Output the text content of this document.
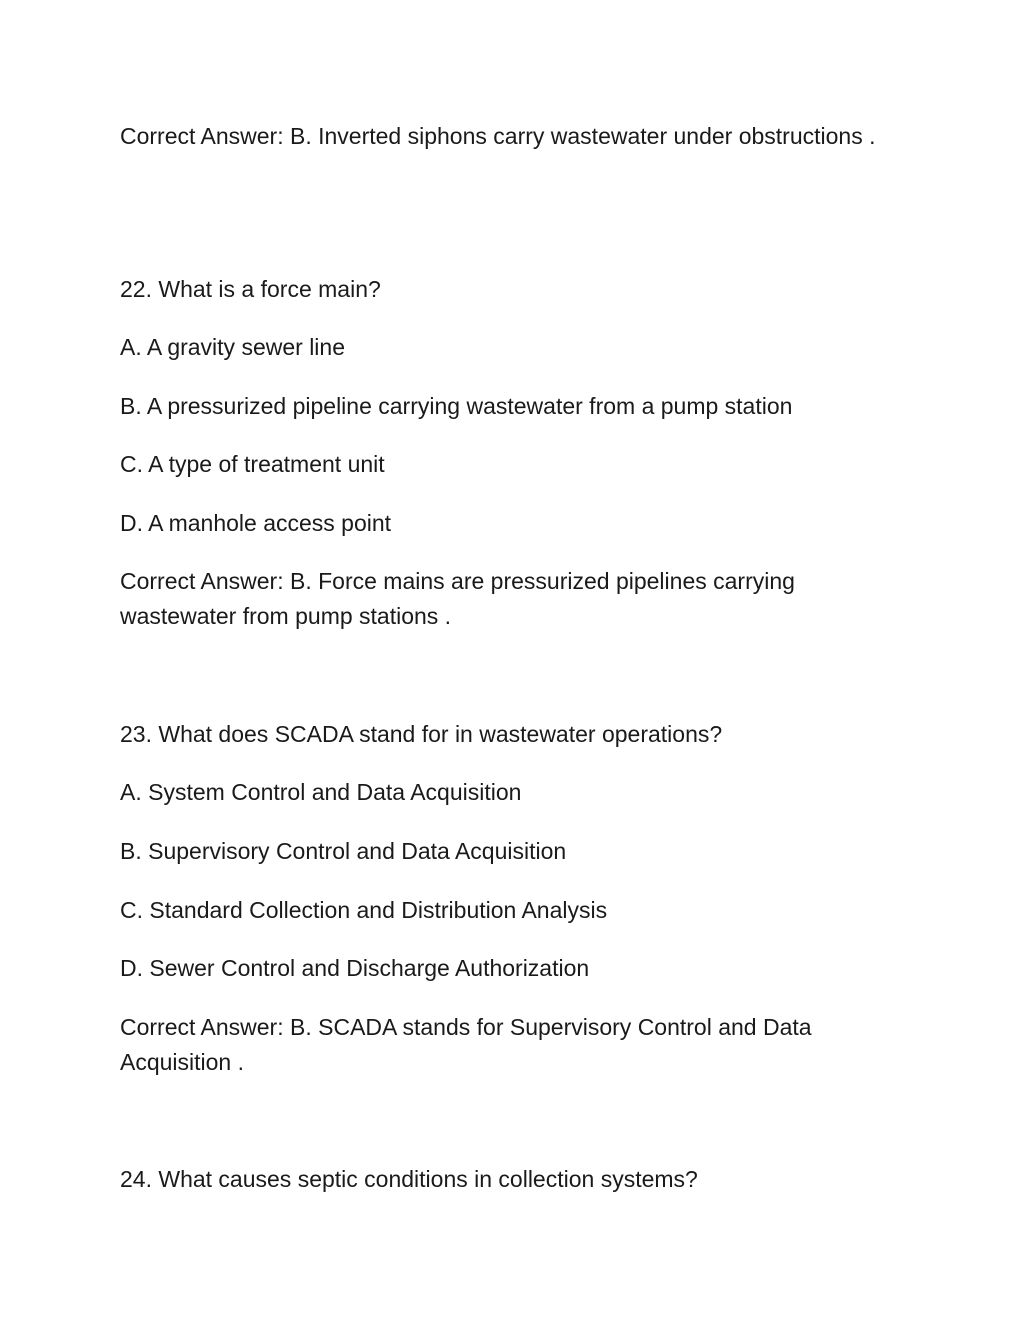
Correct Answer: B. Inverted siphons carry wastewater under obstructions .

22. What is a force main?

A. A gravity sewer line

B. A pressurized pipeline carrying wastewater from a pump station

C. A type of treatment unit

D. A manhole access point

Correct Answer: B. Force mains are pressurized pipelines carrying wastewater from pump stations .

23. What does SCADA stand for in wastewater operations?

A. System Control and Data Acquisition

B. Supervisory Control and Data Acquisition

C. Standard Collection and Distribution Analysis

D. Sewer Control and Discharge Authorization

Correct Answer: B. SCADA stands for Supervisory Control and Data Acquisition .

24. What causes septic conditions in collection systems?
